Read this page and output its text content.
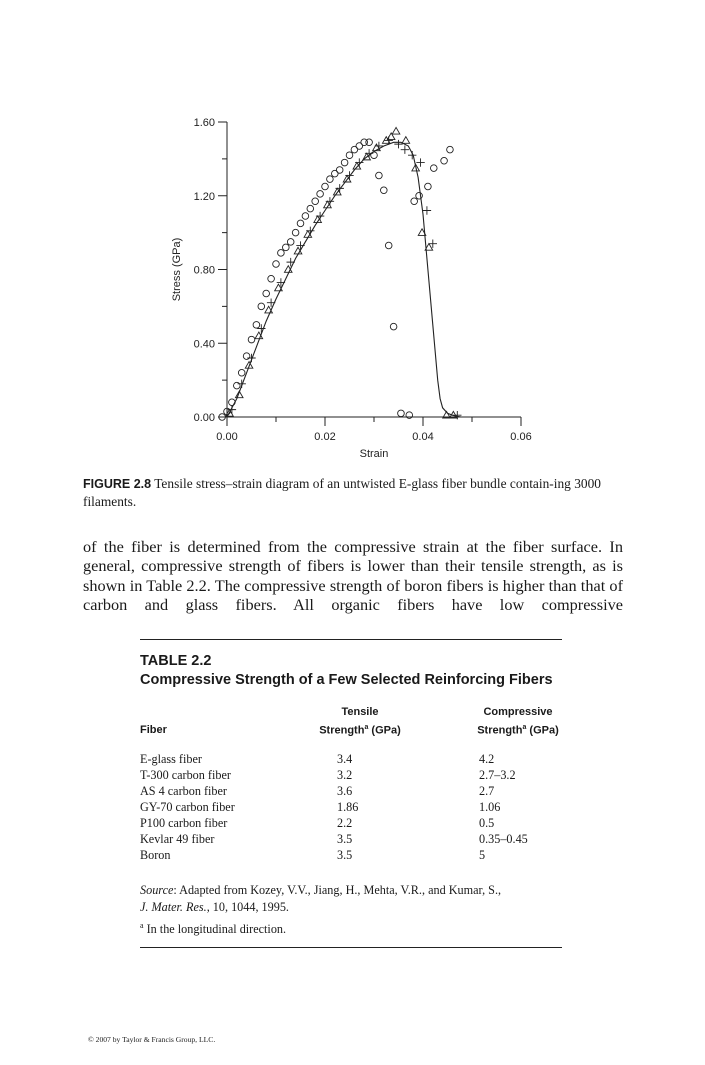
0.00
0.40
0.80
1.20
1.60
0.00	0.02	0.04	0.06
Strain
Stress (GPa)
FIGURE 2.8 Tensile stress–strain diagram of an untwisted E-glass fiber bundle contain-ing 3000 filaments.

of the fiber is determined from the compressive strain at the fiber surface. In general, compressive strength of fibers is lower than their tensile strength, as is shown in Table 2.2. The compressive strength of boron fibers is higher than that of carbon and glass fibers. All organic fibers have low compressive

TABLE 2.2
Compressive Strength of a Few Selected Reinforcing Fibers
Fiber
Tensile
Strength$^a$ (GPa)
Compressive
Strength$^a$ (GPa)
E-glass fiber	3.4	4.2
T-300 carbon fiber	3.2	2.7–3.2
AS 4 carbon fiber	3.6	2.7
GY-70 carbon fiber	1.86	1.06
P100 carbon fiber	2.2	0.5
Kevlar 49 fiber	3.5	0.35–0.45
Boron	3.5	5
Source: Adapted from Kozey, V.V., Jiang, H., Mehta, V.R., and Kumar, S.,
J. Mater. Res., 10, 1044, 1995.
$^a$ In the longitudinal direction.
© 2007 by Taylor & Francis Group, LLC.
